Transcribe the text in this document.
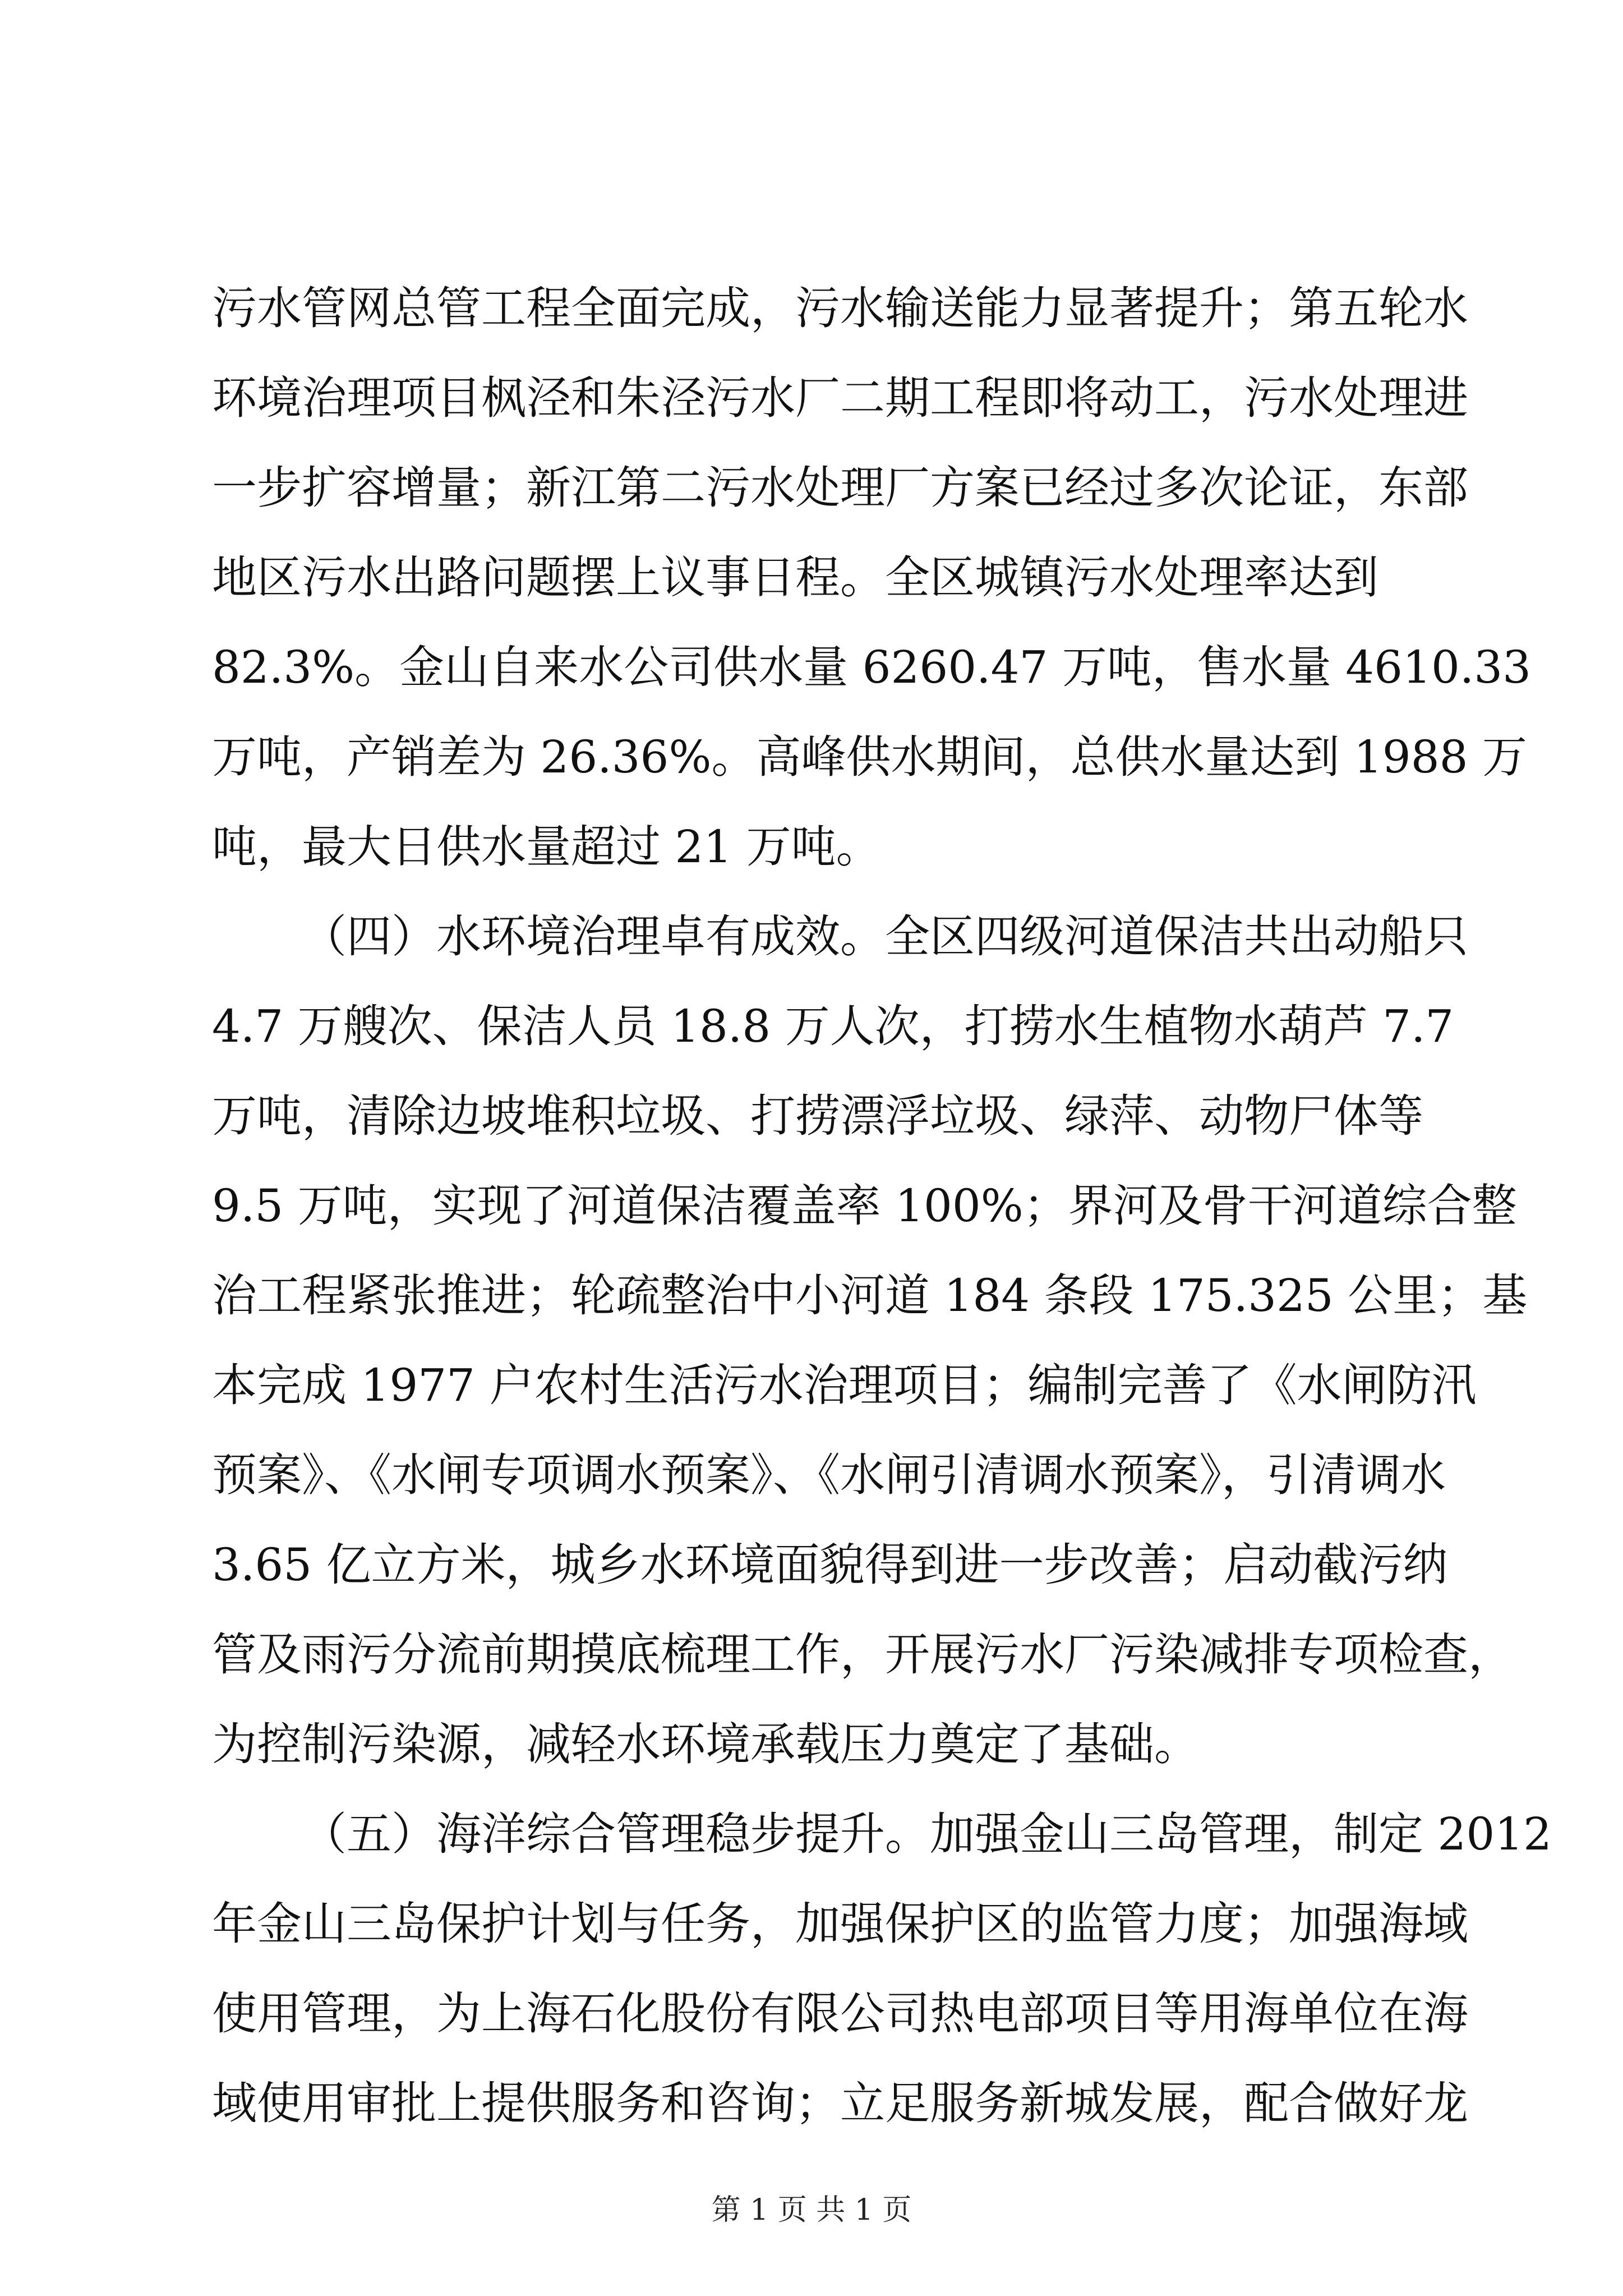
污水管网总管工程全面完成，污水输送能力显著提升；第五轮水
环境治理项目枫泾和朱泾污水厂二期工程即将动工，污水处理进
一步扩容增量；新江第二污水处理厂方案已经过多次论证，东部
地区污水出路问题摆上议事日程。全区城镇污水处理率达到
82.3%。金山自来水公司供水量 6260.47 万吨，售水量 4610.33
万吨，产销差为 26.36%。高峰供水期间，总供水量达到 1988 万
吨，最大日供水量超过 21 万吨。
（四）水环境治理卓有成效。全区四级河道保洁共出动船只
4.7 万艘次、保洁人员 18.8 万人次，打捞水生植物水葫芦 7.7
万吨，清除边坡堆积垃圾、打捞漂浮垃圾、绿萍、动物尸体等
9.5 万吨，实现了河道保洁覆盖率 100%；界河及骨干河道综合整
治工程紧张推进；轮疏整治中小河道 184 条段 175.325 公里；基
本完成 1977 户农村生活污水治理项目；编制完善了《水闸防汛
预案》、《水闸专项调水预案》、《水闸引清调水预案》，引清调水
3.65 亿立方米，城乡水环境面貌得到进一步改善；启动截污纳
管及雨污分流前期摸底梳理工作，开展污水厂污染减排专项检查，
为控制污染源，减轻水环境承载压力奠定了基础。
（五）海洋综合管理稳步提升。加强金山三岛管理，制定 2012
年金山三岛保护计划与任务，加强保护区的监管力度；加强海域
使用管理，为上海石化股份有限公司热电部项目等用海单位在海
域使用审批上提供服务和咨询；立足服务新城发展，配合做好龙
第 1 页 共 1 页
